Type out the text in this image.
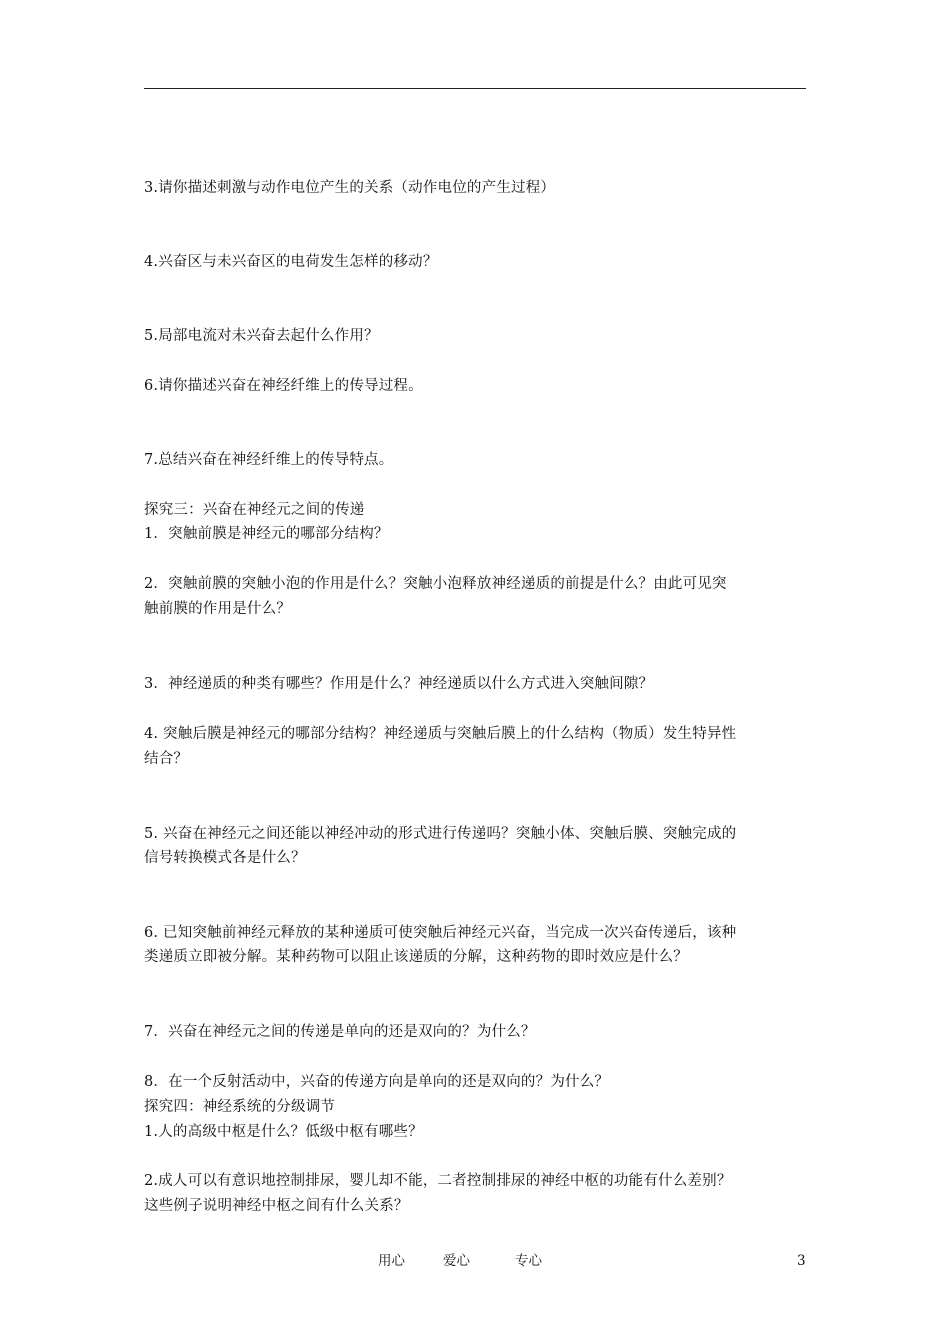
3.请你描述刺激与动作电位产生的关系（动作电位的产生过程）
4.兴奋区与未兴奋区的电荷发生怎样的移动？
5.局部电流对未兴奋去起什么作用？
6.请你描述兴奋在神经纤维上的传导过程。
7.总结兴奋在神经纤维上的传导特点。
探究三：兴奋在神经元之间的传递
1．突触前膜是神经元的哪部分结构？
2．突触前膜的突触小泡的作用是什么？突触小泡释放神经递质的前提是什么？由此可见突
触前膜的作用是什么？
3．神经递质的种类有哪些？作用是什么？神经递质以什么方式进入突触间隙？
4. 突触后膜是神经元的哪部分结构？神经递质与突触后膜上的什么结构（物质）发生特异性
结合？
5. 兴奋在神经元之间还能以神经冲动的形式进行传递吗？突触小体、突触后膜、突触完成的
信号转换模式各是什么？
6. 已知突触前神经元释放的某种递质可使突触后神经元兴奋，当完成一次兴奋传递后，该种
类递质立即被分解。某种药物可以阻止该递质的分解，这种药物的即时效应是什么？
7．兴奋在神经元之间的传递是单向的还是双向的？为什么？
8．在一个反射活动中，兴奋的传递方向是单向的还是双向的？为什么？
探究四：神经系统的分级调节
1.人的高级中枢是什么？低级中枢有哪些？
2.成人可以有意识地控制排尿，婴儿却不能，二者控制排尿的神经中枢的功能有什么差别？
这些例子说明神经中枢之间有什么关系？
用心	爱心	专心	3
